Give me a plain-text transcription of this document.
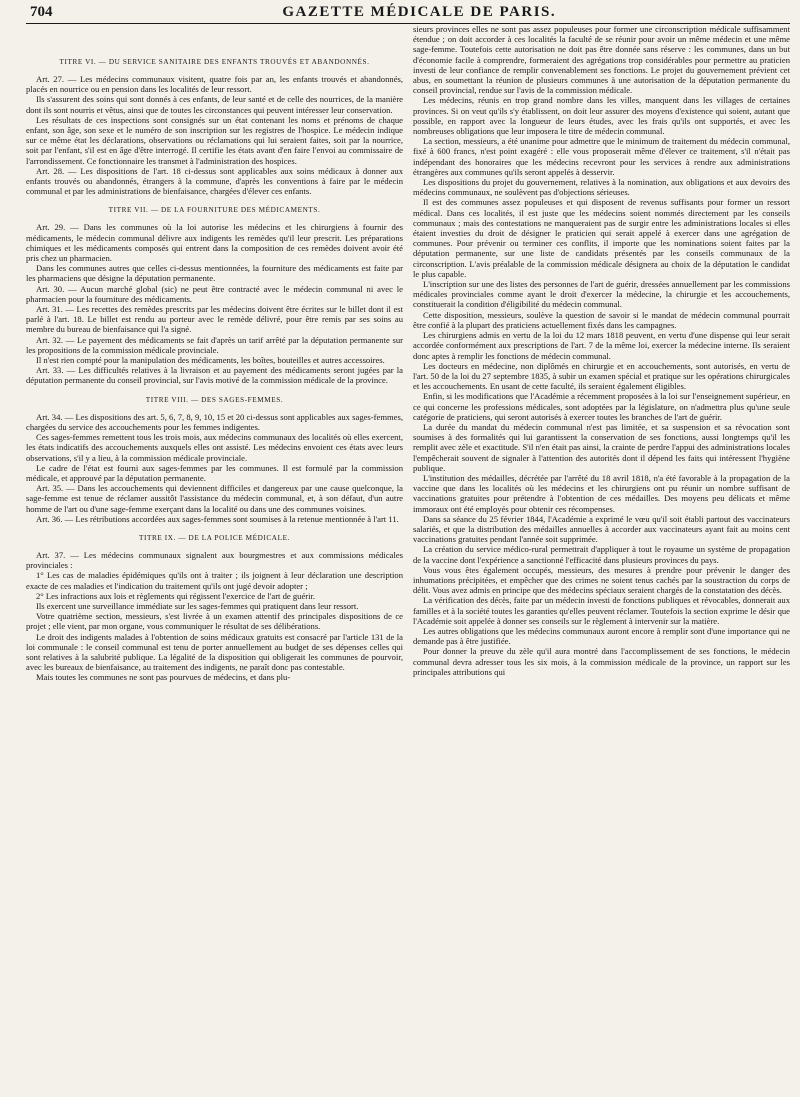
704	GAZETTE MÉDICALE DE PARIS.
TITRE VI. — DU SERVICE SANITAIRE DES ENFANTS TROUVÉS ET ABANDONNÉS.

Art. 27. — Les médecins communaux visitent, quatre fois par an, les enfants trouvés et abandonnés, placés en nourrice ou en pension dans les localités de leur ressort.

Ils s'assurent des soins qui sont donnés à ces enfants, de leur santé et de celle des nourrices, de la manière dont ils sont nourris et vêtus, ainsi que de toutes les circonstances qui peuvent intéresser leur conservation.

Les résultats de ces inspections sont consignés sur un état contenant les noms et prénoms de chaque enfant, son âge, son sexe et le numéro de son inscription sur les registres de l'hospice. Le médecin indique sur ce même état les déclarations, observations ou réclamations qui lui seraient faites, soit par la nourrice, soit par l'enfant, s'il est en âge d'être interrogé. Il certifie les états avant d'en faire l'envoi au commissaire de l'arrondissement. Ce fonctionnaire les transmet à l'administration des hospices.

Art. 28. — Les dispositions de l'art. 18 ci-dessus sont applicables aux soins médicaux à donner aux enfants trouvés ou abandonnés, étrangers à la commune, d'après les conventions à faire par le médecin communal et par les administrations de bienfaisance, chargées d'élever ces enfants.

TITRE VII. — DE LA FOURNITURE DES MÉDICAMENTS.

Art. 29. — Dans les communes où la loi autorise les médecins et les chirurgiens à fournir des médicaments, le médecin communal délivre aux indigents les remèdes qu'il leur prescrit. Les préparations chimiques et les médicaments composés qui entrent dans la composition de ces remèdes doivent avoir été pris chez un pharmacien.

Dans les communes autres que celles ci-dessus mentionnées, la fourniture des médicaments est faite par les pharmaciens que désigne la députation permanente.

Art. 30. — Aucun marché global (sic) ne peut être contracté avec le médecin communal ni avec le pharmacien pour la fourniture des médicaments.

Art. 31. — Les recettes des remèdes prescrits par les médecins doivent être écrites sur le billet dont il est parlé à l'art. 18. Le billet est rendu au porteur avec le remède délivré, pour être remis par ses soins au membre du bureau de bienfaisance qui l'a signé.

Art. 32. — Le payement des médicaments se fait d'après un tarif arrêté par la députation permanente sur les propositions de la commission médicale provinciale.

Il n'est rien compté pour la manipulation des médicaments, les boîtes, bouteilles et autres accessoires.

Art. 33. — Les difficultés relatives à la livraison et au payement des médicaments seront jugées par la députation permanente du conseil provincial, sur l'avis motivé de la commission médicale de la province.

TITRE VIII. — DES SAGES-FEMMES.

Art. 34. — Les dispositions des art. 5, 6, 7, 8, 9, 10, 15 et 20 ci-dessus sont applicables aux sages-femmes, chargées du service des accouchements pour les femmes indigentes.

Ces sages-femmes remettent tous les trois mois, aux médecins communaux des localités où elles exercent, les états indicatifs des accouchements auxquels elles ont assisté. Les médecins envoient ces états avec leurs observations, s'il y a lieu, à la commission médicale provinciale.

Le cadre de l'état est fourni aux sages-femmes par les communes. Il est formulé par la commission médicale, et approuvé par la députation permanente.

Art. 35. — Dans les accouchements qui deviennent difficiles et dangereux par une cause quelconque, la sage-femme est tenue de réclamer aussitôt l'assistance du médecin communal, et, à son défaut, d'un autre homme de l'art ou d'une sage-femme exerçant dans la localité ou dans une des communes voisines.

Art. 36. — Les rétributions accordées aux sages-femmes sont soumises à la retenue mentionnée à l'art 11.

TITRE IX. — DE LA POLICE MÉDICALE.

Art. 37. — Les médecins communaux signalent aux bourgmestres et aux commissions médicales provinciales :

1° Les cas de maladies épidémiques qu'ils ont à traiter ; ils joignent à leur déclaration une description exacte de ces maladies et l'indication du traitement qu'ils ont jugé devoir adopter ;

2° Les infractions aux lois et règlements qui régissent l'exercice de l'art de guérir.

Ils exercent une surveillance immédiate sur les sages-femmes qui pratiquent dans leur ressort.

Votre quatrième section, messieurs, s'est livrée à un examen attentif des principales dispositions de ce projet ; elle vient, par mon organe, vous communiquer le résultat de ses délibérations.

Le droit des indigents malades à l'obtention de soins médicaux gratuits est consacré par l'article 131 de la loi communale : le conseil communal est tenu de porter annuellement au budget de ses dépenses celles qui sont relatives à la salubrité publique. La légalité de la disposition qui obligerait les communes de pourvoir, avec les bureaux de bienfaisance, au traitement des indigents, ne paraît donc pas contestable.

Mais toutes les communes ne sont pas pourvues de médecins, et dans plu-

sieurs provinces elles ne sont pas assez populeuses pour former une circonscription médicale suffisamment étendue ; on doit accorder à ces localités la faculté de se réunir pour avoir un même médecin et une même sage-femme. Toutefois cette autorisation ne doit pas être donnée sans réserve : les communes, dans un but d'économie facile à comprendre, formeraient des agrégations trop considérables pour permettre au praticien investi de leur confiance de remplir convenablement ses fonctions. Le projet du gouvernement prévient cet abus, en soumettant la réunion de plusieurs communes à une autorisation de la députation permanente du conseil provincial, rendue sur l'avis de la commission médicale.

Les médecins, réunis en trop grand nombre dans les villes, manquent dans les villages de certaines provinces. Si on veut qu'ils s'y établissent, on doit leur assurer des moyens d'existence qui soient, autant que possible, en rapport avec la longueur de leurs études, avec les frais qu'ils ont supportés, et avec les nombreuses obligations que leur imposera le titre de médecin communal.

La section, messieurs, a été unanime pour admettre que le minimum de traitement du médecin communal, fixé à 600 francs, n'est point exagéré : elle vous proposerait même d'élever ce traitement, s'il n'était pas indépendant des honoraires que les médecins recevront pour les services à rendre aux administrations étrangères aux communes qu'ils seront appelés à desservir.

Les dispositions du projet du gouvernement, relatives à la nomination, aux obligations et aux devoirs des médecins communaux, ne soulèvent pas d'objections sérieuses.

Il est des communes assez populeuses et qui disposent de revenus suffisants pour former un ressort médical. Dans ces localités, il est juste que les médecins soient nommés directement par les conseils communaux ; mais des contestations ne manqueraient pas de surgir entre les administrations locales si elles étaient investies du droit de désigner le praticien qui serait appelé à exercer dans une agrégation de communes. Pour prévenir ou terminer ces conflits, il importe que les nominations soient faites par la députation permanente, sur une liste de candidats présentés par les conseils communaux de la circonscription. L'avis préalable de la commission médicale désignera au choix de la députation le candidat le plus capable.

L'inscription sur une des listes des personnes de l'art de guérir, dressées annuellement par les commissions médicales provinciales comme ayant le droit d'exercer la médecine, la chirurgie et les accouchements, constituerait la condition d'éligibilité du médecin communal.

Cette disposition, messieurs, soulève la question de savoir si le mandat de médecin communal pourrait être confié à la plupart des praticiens actuellement fixés dans les campagnes.

Les chirurgiens admis en vertu de la loi du 12 mars 1818 peuvent, en vertu d'une dispense qui leur serait accordée conformément aux prescriptions de l'art. 7 de la même loi, exercer la médecine interne. Ils seraient donc aptes à remplir les fonctions de médecin communal.

Les docteurs en médecine, non diplômés en chirurgie et en accouchements, sont autorisés, en vertu de l'art. 50 de la loi du 27 septembre 1835, à subir un examen spécial et pratique sur les opérations chirurgicales et les accouchements. En usant de cette faculté, ils seraient également éligibles.

Enfin, si les modifications que l'Académie a récemment proposées à la loi sur l'enseignement supérieur, en ce qui concerne les professions médicales, sont adoptées par la législature, on n'admettra plus qu'une seule catégorie de praticiens, qui seront autorisés à exercer toutes les branches de l'art de guérir.

La durée du mandat du médecin communal n'est pas limitée, et sa suspension et sa révocation sont soumises à des formalités qui lui garantissent la conservation de ses fonctions, aussi longtemps qu'il les remplit avec zèle et exactitude. S'il n'en était pas ainsi, la crainte de perdre l'appui des administrations locales l'empêcherait souvent de signaler à l'attention des autorités dont il dépend les faits qui intéressent l'hygiène publique.

L'institution des médailles, décrétée par l'arrêté du 18 avril 1818, n'a été favorable à la propagation de la vaccine que dans les localités où les médecins et les chirurgiens ont pu réunir un nombre suffisant de vaccinations gratuites pour prétendre à l'obtention de ces médailles. Des moyens peu délicats et même immoraux ont été employés pour obtenir ces récompenses.

Dans sa séance du 25 février 1844, l'Académie a exprimé le vœu qu'il soit établi partout des vaccinateurs salariés, et que la distribution des médailles annuelles à accorder aux vaccinateurs ayant fait au moins cent vaccinations gratuites pendant l'année soit supprimée.

La création du service médico-rural permettrait d'appliquer à tout le royaume un système de propagation de la vaccine dont l'expérience a sanctionné l'efficacité dans plusieurs provinces du pays.

Vous vous êtes également occupés, messieurs, des mesures à prendre pour prévenir le danger des inhumations précipitées, et empêcher que des crimes ne soient tenus cachés par la soustraction du corps de délit. Vous avez admis en principe que des médecins spéciaux seraient chargés de la constatation des décès.

La vérification des décès, faite par un médecin investi de fonctions publiques et révocables, donnerait aux familles et à la société toutes les garanties qu'elles peuvent réclamer. Toutefois la section exprime le désir que l'Académie soit appelée à donner ses conseils sur le règlement à intervenir sur la matière.

Les autres obligations que les médecins communaux auront encore à remplir sont d'une importance qui ne demande pas à être justifiée.

Pour donner la preuve du zèle qu'il aura montré dans l'accomplissement de ses fonctions, le médecin communal devra adresser tous les six mois, à la commission médicale de la province, un rapport sur les principales attributions qui
